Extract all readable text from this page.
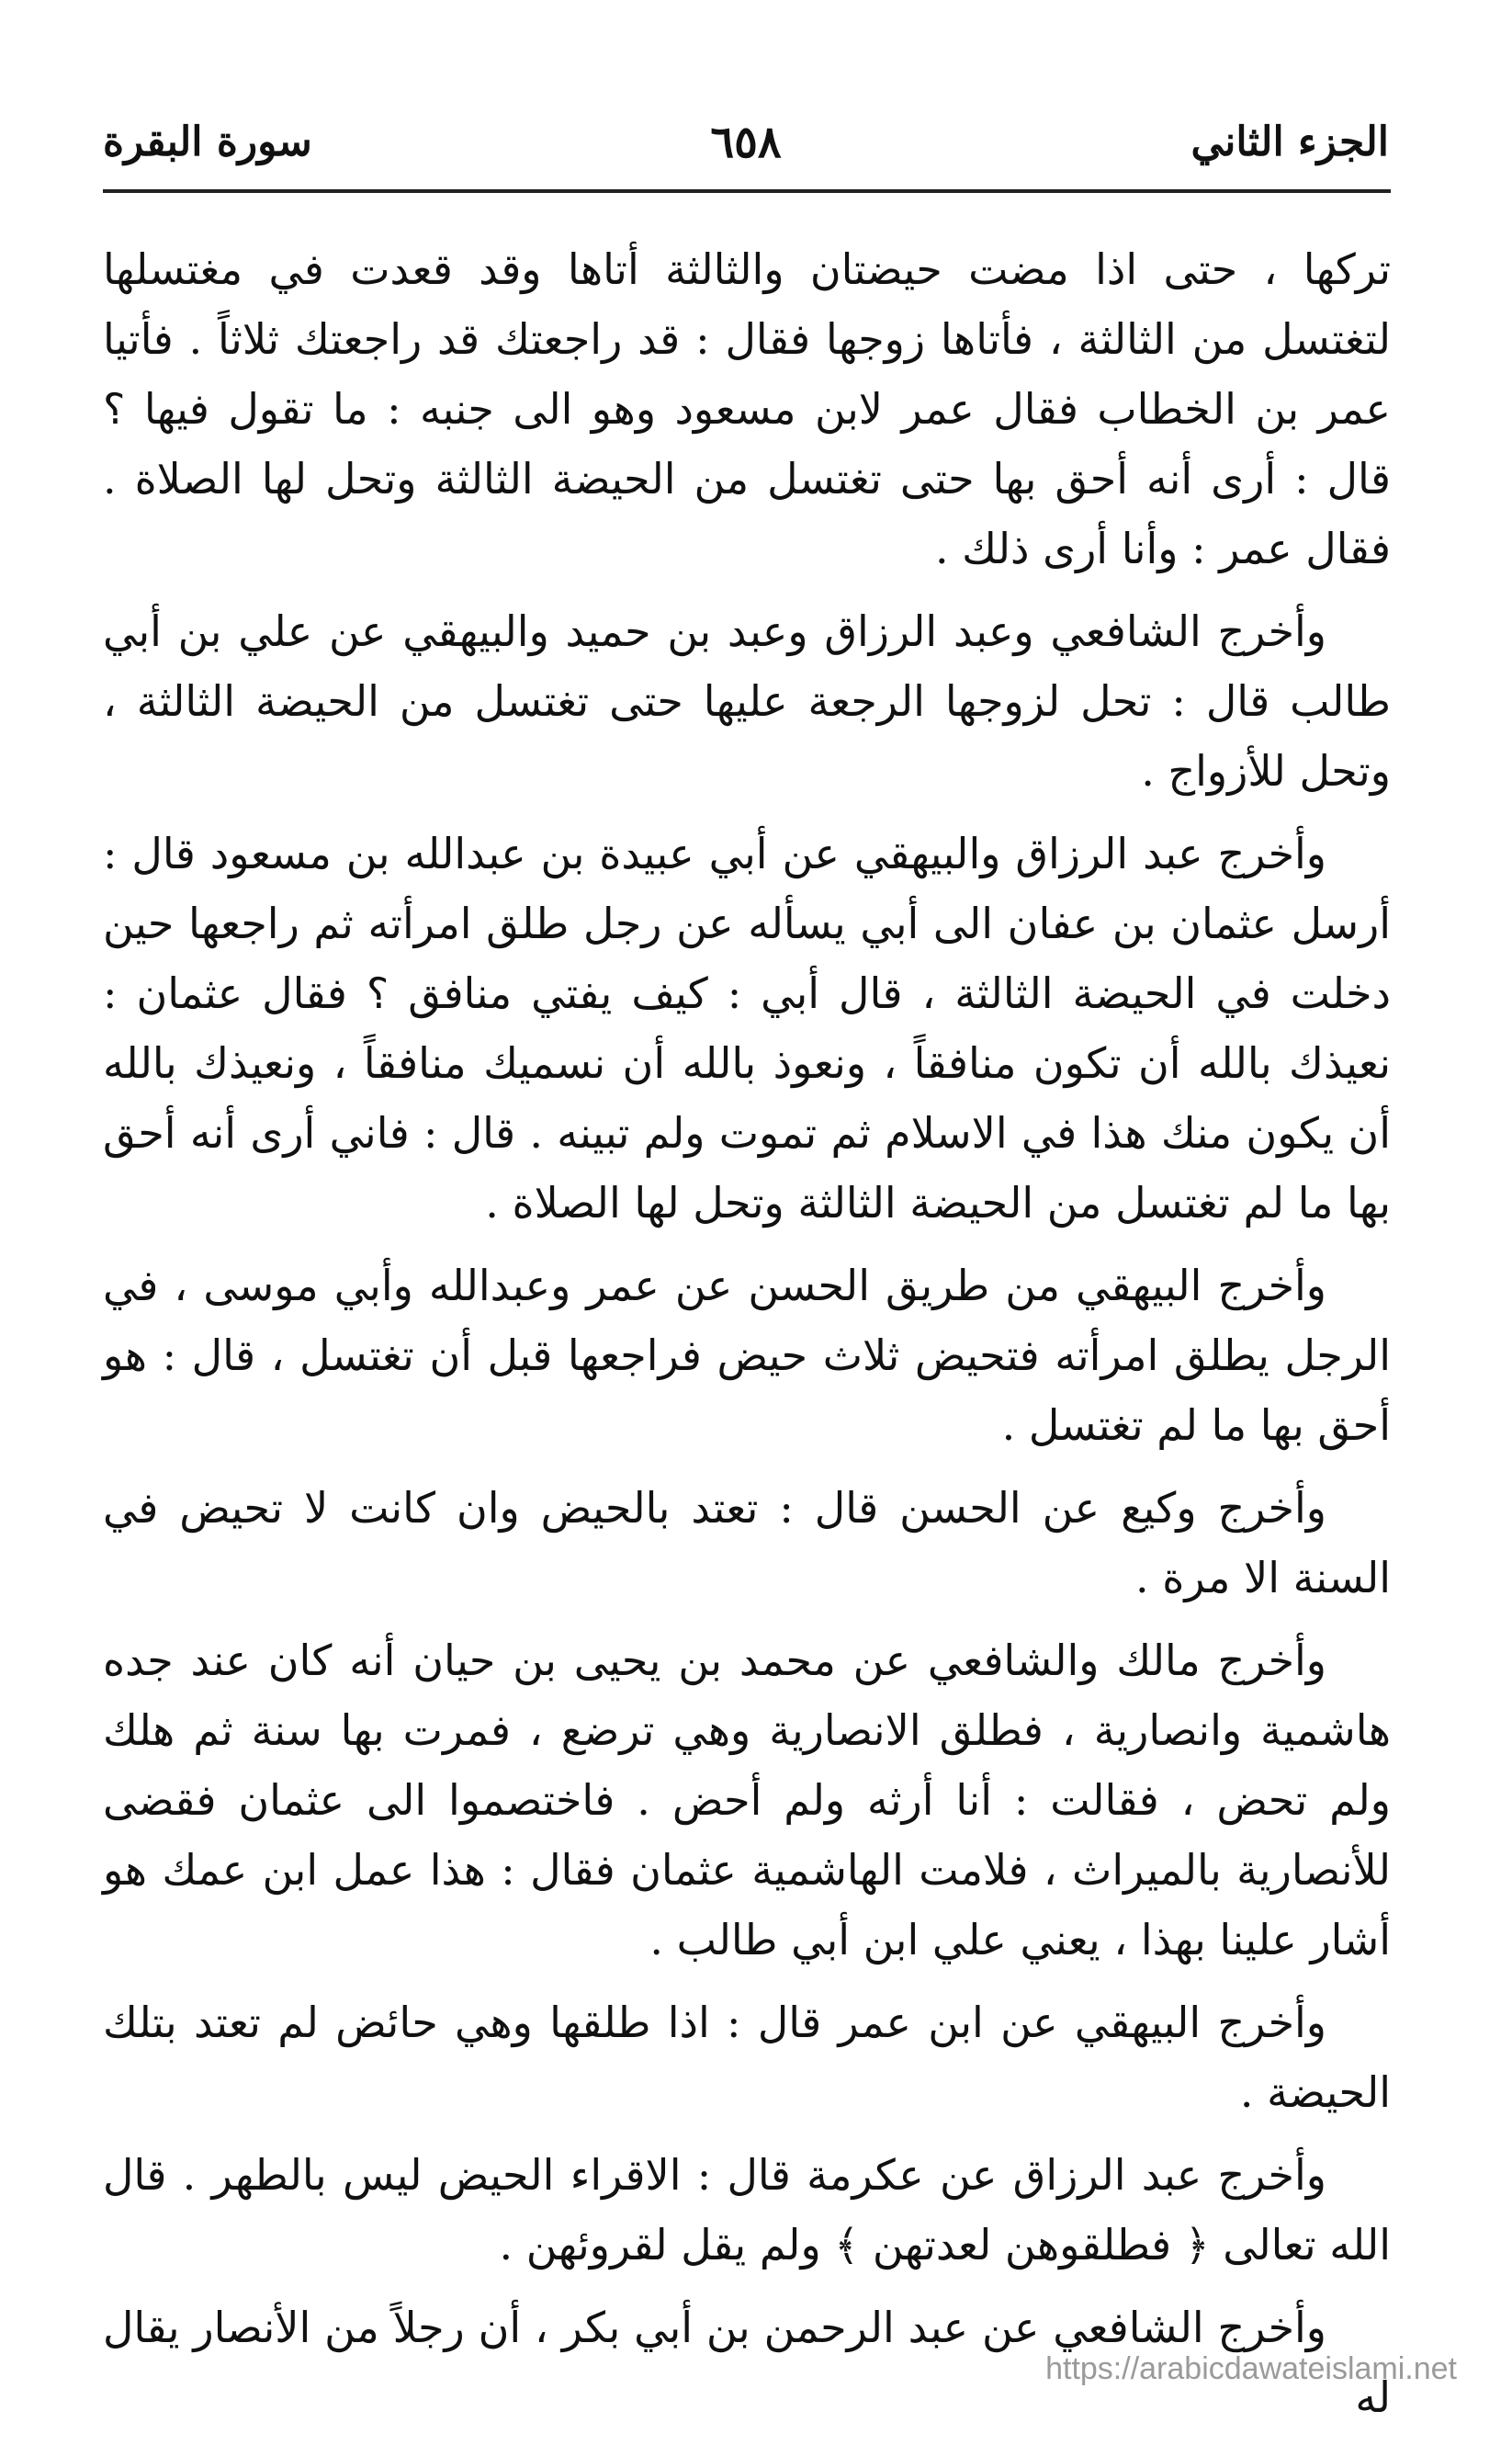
الجزء الثاني
٦٥٨
سورة البقرة

تركها ، حتى اذا مضت حيضتان والثالثة أتاها وقد قعدت في مغتسلها لتغتسل من الثالثة ، فأتاها زوجها فقال : قد راجعتك قد راجعتك ثلاثاً . فأتيا عمر بن الخطاب فقال عمر لابن مسعود وهو الى جنبه : ما تقول فيها ؟ قال : أرى أنه أحق بها حتى تغتسل من الحيضة الثالثة وتحل لها الصلاة . فقال عمر : وأنا أرى ذلك .

وأخرج الشافعي وعبد الرزاق وعبد بن حميد والبيهقي عن علي بن أبي طالب قال : تحل لزوجها الرجعة عليها حتى تغتسل من الحيضة الثالثة ، وتحل للأزواج .

وأخرج عبد الرزاق والبيهقي عن أبي عبيدة بن عبدالله بن مسعود قال : أرسل عثمان بن عفان الى أبي يسأله عن رجل طلق امرأته ثم راجعها حين دخلت في الحيضة الثالثة ، قال أبي : كيف يفتي منافق ؟ فقال عثمان : نعيذك بالله أن تكون منافقاً ، ونعوذ بالله أن نسميك منافقاً ، ونعيذك بالله أن يكون منك هذا في الاسلام ثم تموت ولم تبينه . قال : فاني أرى أنه أحق بها ما لم تغتسل من الحيضة الثالثة وتحل لها الصلاة .

وأخرج البيهقي من طريق الحسن عن عمر وعبدالله وأبي موسى ، في الرجل يطلق امرأته فتحيض ثلاث حيض فراجعها قبل أن تغتسل ، قال : هو أحق بها ما لم تغتسل .

وأخرج وكيع عن الحسن قال : تعتد بالحيض وان كانت لا تحيض في السنة الا مرة .

وأخرج مالك والشافعي عن محمد بن يحيى بن حيان أنه كان عند جده هاشمية وانصارية ، فطلق الانصارية وهي ترضع ، فمرت بها سنة ثم هلك ولم تحض ، فقالت : أنا أرثه ولم أحض . فاختصموا الى عثمان فقضى للأنصارية بالميراث ، فلامت الهاشمية عثمان فقال : هذا عمل ابن عمك هو أشار علينا بهذا ، يعني علي ابن أبي طالب .

وأخرج البيهقي عن ابن عمر قال : اذا طلقها وهي حائض لم تعتد بتلك الحيضة .

وأخرج عبد الرزاق عن عكرمة قال : الاقراء الحيض ليس بالطهر . قال الله تعالى ﴿ فطلقوهن لعدتهن ﴾ ولم يقل لقروئهن .

وأخرج الشافعي عن عبد الرحمن بن أبي بكر ، أن رجلاً من الأنصار يقال له

https://arabicdawateislami.net
